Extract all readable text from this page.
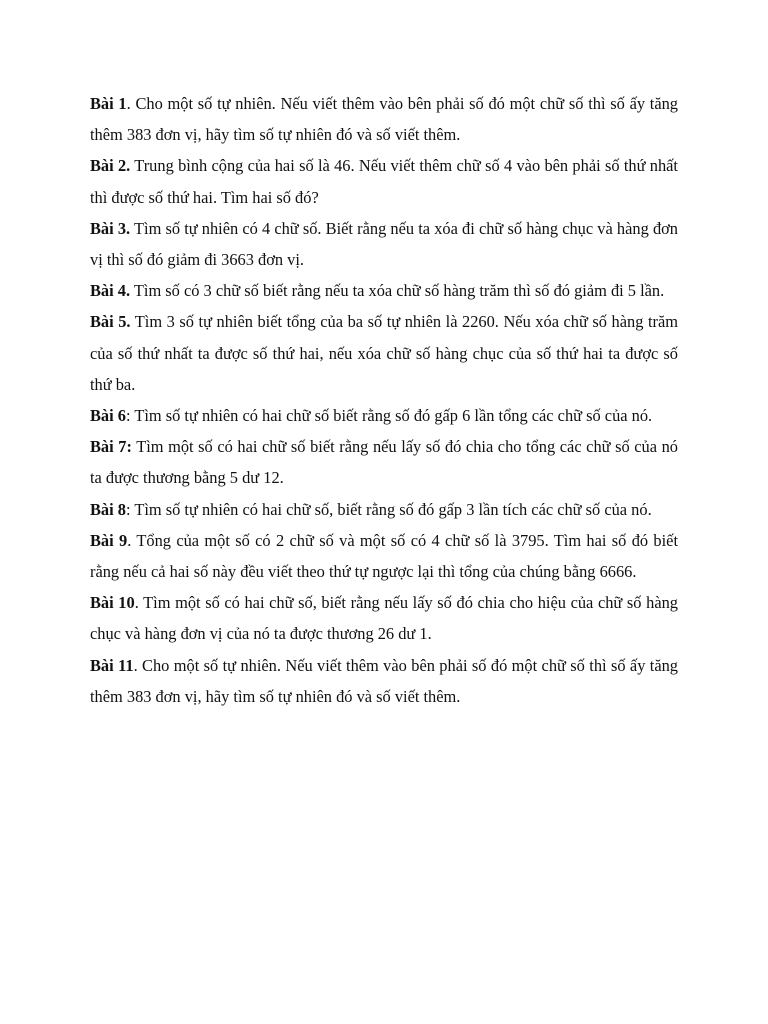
Bài 1. Cho một số tự nhiên. Nếu viết thêm vào bên phải số đó một chữ số thì số ấy tăng thêm 383 đơn vị, hãy tìm số tự nhiên đó và số viết thêm.

Bài 2. Trung bình cộng của hai số là 46. Nếu viết thêm chữ số 4 vào bên phải số thứ nhất thì được số thứ hai. Tìm hai số đó?

Bài 3. Tìm số tự nhiên có 4 chữ số. Biết rằng nếu ta xóa đi chữ số hàng chục và hàng đơn vị thì số đó giảm đi 3663 đơn vị.

Bài 4. Tìm số có 3 chữ số biết rằng nếu ta xóa chữ số hàng trăm thì số đó giảm đi 5 lần.

Bài 5. Tìm 3 số tự nhiên biết tổng của ba số tự nhiên là 2260. Nếu xóa chữ số hàng trăm của số thứ nhất ta được số thứ hai, nếu xóa chữ số hàng chục của số thứ hai ta được số thứ ba.

Bài 6: Tìm số tự nhiên có hai chữ số biết rằng số đó gấp 6 lần tổng các chữ số của nó.

Bài 7: Tìm một số có hai chữ số biết rằng nếu lấy số đó chia cho tổng các chữ số của nó ta được thương bằng 5 dư 12.

Bài 8: Tìm số tự nhiên có hai chữ số, biết rằng số đó gấp 3 lần tích các chữ số của nó.

Bài 9. Tổng của một số có 2 chữ số và một số có 4 chữ số là 3795. Tìm hai số đó biết rằng nếu cả hai số này đều viết theo thứ tự ngược lại thì tổng của chúng bằng 6666.

Bài 10. Tìm một số có hai chữ số, biết rằng nếu lấy số đó chia cho hiệu của chữ số hàng chục và hàng đơn vị của nó ta được thương 26 dư 1.

Bài 11. Cho một số tự nhiên. Nếu viết thêm vào bên phải số đó một chữ số thì số ấy tăng thêm 383 đơn vị, hãy tìm số tự nhiên đó và số viết thêm.
